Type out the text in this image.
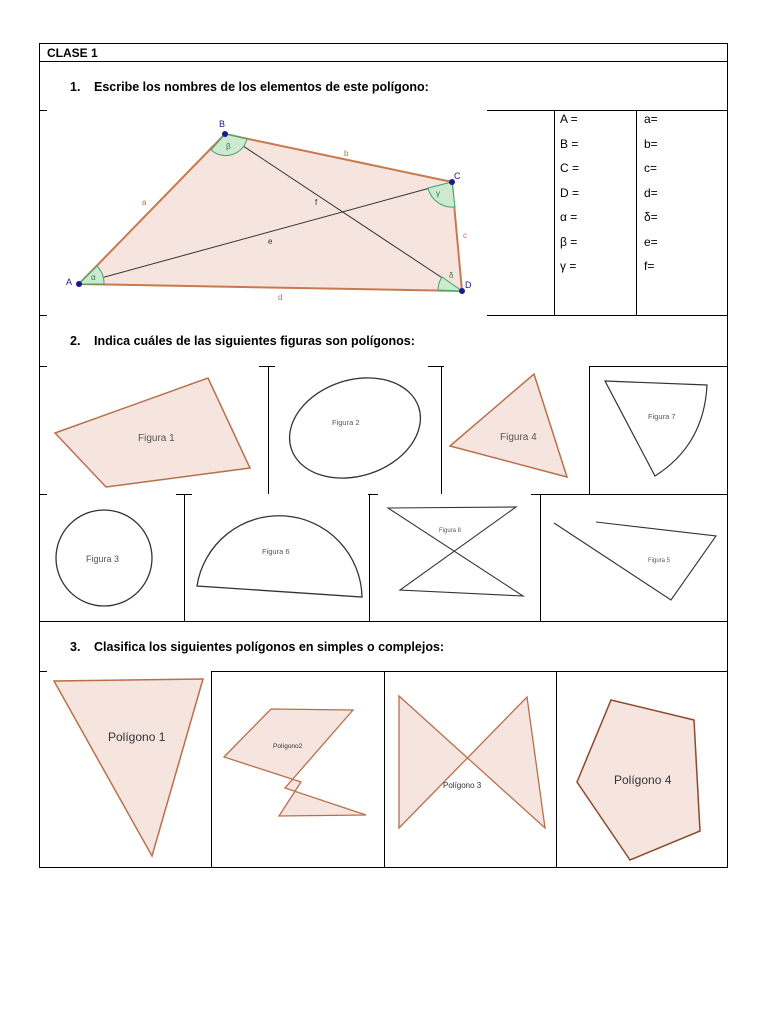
CLASE 1
1. Escribe los nombres de los elementos de este polígono:
A =
B =
C =
D =
α =
β =
γ =
a=
b=
c=
d=
δ=
e=
f=
A
B
C
D
a
b
c
d
e
f
α
β
γ
δ
2. Indica cuáles de las siguientes figuras son polígonos:
Figura 1
Figura 2
Figura 4
Figura 7
Figura 3
Figura 6
Figura 8
Figura 5
3. Clasifica los siguientes polígonos en simples o complejos:
Polígono 1
Polígono2
Polígono 3	Polígono 4
